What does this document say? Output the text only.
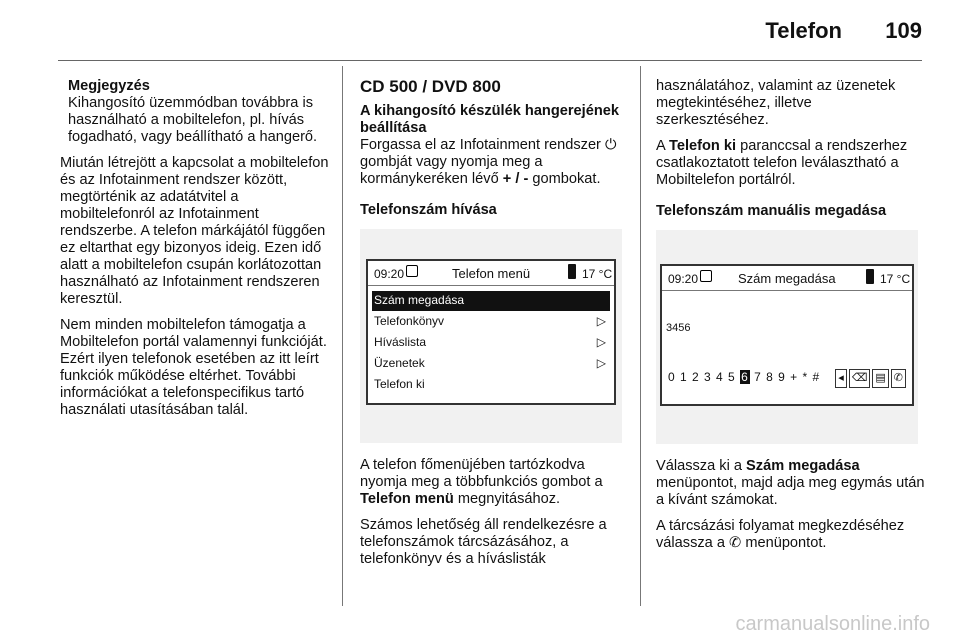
Telefon 109
Megjegyzés
Kihangosító üzemmódban továbbra is használható a mobiltelefon, pl. hívás fogadható, vagy beállítható a hangerő.

Miután létrejött a kapcsolat a mobiltelefon és az Infotainment rendszer között, megtörténik az adatátvitel a mobiltelefonról az Infotainment rendszerbe. A telefon márkájától függően ez eltarthat egy bizonyos ideig. Ezen idő alatt a mobiltelefon csupán korlátozottan használható az Infotainment rendszeren keresztül.

Nem minden mobiltelefon támogatja a Mobiltelefon portál valamennyi funkcióját. Ezért ilyen telefonok esetében az itt leírt funkciók működése eltérhet. További információkat a telefonspecifikus tartó használati utasításában talál.

CD 500 / DVD 800
A kihangosító készülék hangerejének beállítása

Forgassa el az Infotainment rendszer ⏻ gombját vagy nyomja meg a kormánykeréken lévő + / - gombokat.

Telefonszám hívása
09:20	Telefon menü	17 °C
Szám megadása
Telefonkönyv	▷
Híváslista	▷
Üzenetek	▷
Telefon ki

A telefon főmenüjében tartózkodva nyomja meg a többfunkciós gombot a Telefon menü megnyitásához.

Számos lehetőség áll rendelkezésre a telefonszámok tárcsázásához, a telefonkönyv és a híváslisták

használatához, valamint az üzenetek megtekintéséhez, illetve szerkesztéséhez.

A Telefon ki paranccsal a rendszerhez csatlakoztatott telefon leválasztható a Mobiltelefon portálról.

Telefonszám manuális megadása
09:20	Szám megadása	17 °C
3456
0 1 2 3 4 5 6 7 8 9 + * #	◂ ⌫ ▤ ✆

Válassza ki a Szám megadása menüpontot, majd adja meg egymás után a kívánt számokat.

A tárcsázási folyamat megkezdéséhez válassza a ✆ menüpontot.

carmanualsonline.info
